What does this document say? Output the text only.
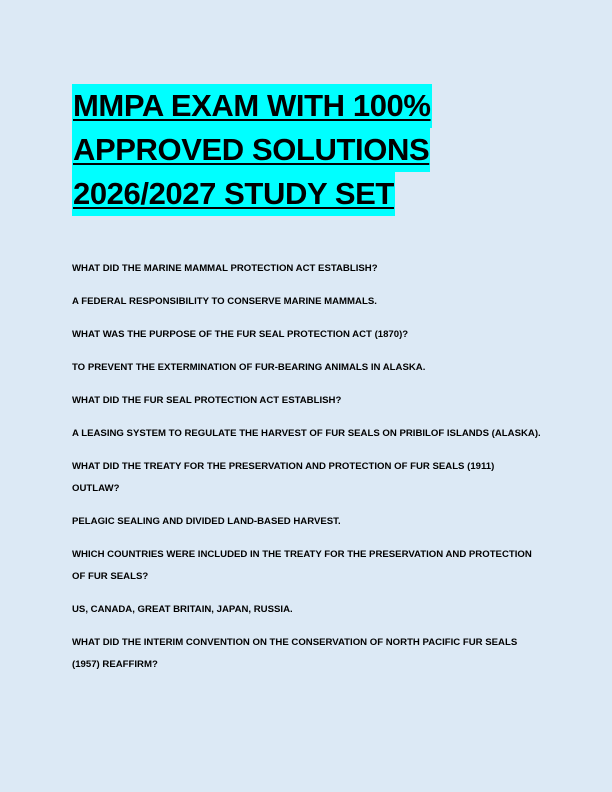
MMPA EXAM WITH 100%
APPROVED SOLUTIONS
2026/2027 STUDY SET
WHAT DID THE MARINE MAMMAL PROTECTION ACT ESTABLISH?
A FEDERAL RESPONSIBILITY TO CONSERVE MARINE MAMMALS.
WHAT WAS THE PURPOSE OF THE FUR SEAL PROTECTION ACT (1870)?
TO PREVENT THE EXTERMINATION OF FUR-BEARING ANIMALS IN ALASKA.
WHAT DID THE FUR SEAL PROTECTION ACT ESTABLISH?
A LEASING SYSTEM TO REGULATE THE HARVEST OF FUR SEALS ON PRIBILOF ISLANDS (ALASKA).
WHAT DID THE TREATY FOR THE PRESERVATION AND PROTECTION OF FUR SEALS (1911) OUTLAW?
PELAGIC SEALING AND DIVIDED LAND-BASED HARVEST.
WHICH COUNTRIES WERE INCLUDED IN THE TREATY FOR THE PRESERVATION AND PROTECTION OF FUR SEALS?
US, CANADA, GREAT BRITAIN, JAPAN, RUSSIA.
WHAT DID THE INTERIM CONVENTION ON THE CONSERVATION OF NORTH PACIFIC FUR SEALS (1957) REAFFIRM?
